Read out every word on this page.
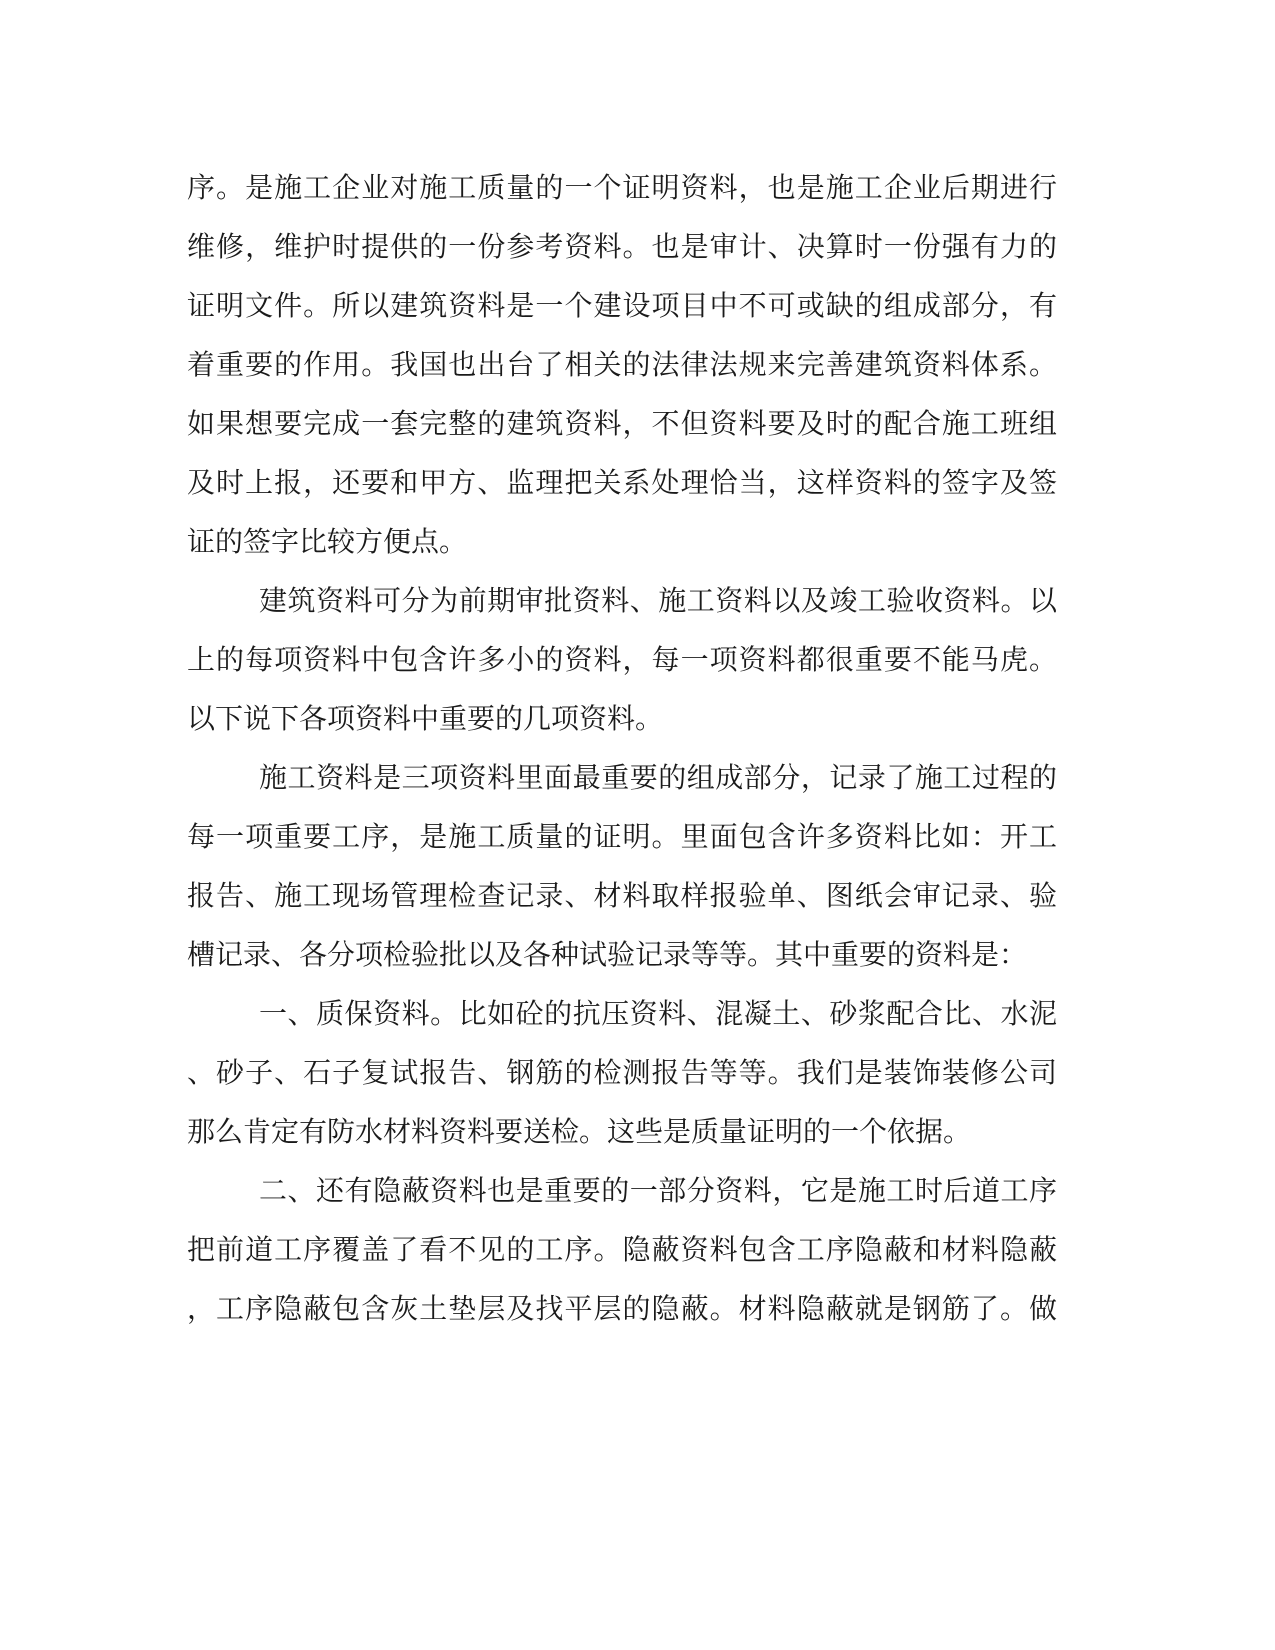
序。是施工企业对施工质量的一个证明资料，也是施工企业后期进行
维修，维护时提供的一份参考资料。也是审计、决算时一份强有力的
证明文件。所以建筑资料是一个建设项目中不可或缺的组成部分，有
着重要的作用。我国也出台了相关的法律法规来完善建筑资料体系。
如果想要完成一套完整的建筑资料，不但资料要及时的配合施工班组
及时上报，还要和甲方、监理把关系处理恰当，这样资料的签字及签
证的签字比较方便点。
建筑资料可分为前期审批资料、施工资料以及竣工验收资料。以
上的每项资料中包含许多小的资料，每一项资料都很重要不能马虎。
以下说下各项资料中重要的几项资料。
施工资料是三项资料里面最重要的组成部分，记录了施工过程的
每一项重要工序，是施工质量的证明。里面包含许多资料比如：开工
报告、施工现场管理检查记录、材料取样报验单、图纸会审记录、验
槽记录、各分项检验批以及各种试验记录等等。其中重要的资料是：
一、质保资料。比如砼的抗压资料、混凝土、砂浆配合比、水泥
、砂子、石子复试报告、钢筋的检测报告等等。我们是装饰装修公司
那么肯定有防水材料资料要送检。这些是质量证明的一个依据。
二、还有隐蔽资料也是重要的一部分资料，它是施工时后道工序
把前道工序覆盖了看不见的工序。隐蔽资料包含工序隐蔽和材料隐蔽
，工序隐蔽包含灰土垫层及找平层的隐蔽。材料隐蔽就是钢筋了。做
